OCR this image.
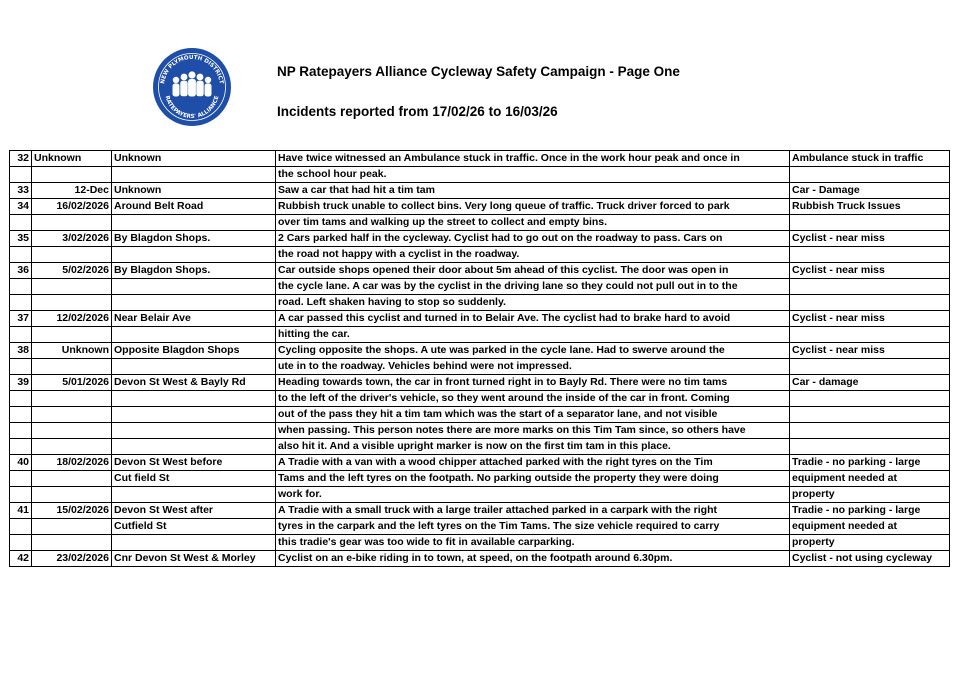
NEW PLYMOUTH DISTRICT
RATEPAYERS' ALLIANCE
NP Ratepayers Alliance Cycleway Safety Campaign - Page One
Incidents reported from 17/02/26 to 16/03/26
32	Unknown	Unknown	Have twice witnessed an Ambulance stuck in traffic. Once in the work hour peak and once in	Ambulance stuck in traffic
			the school hour peak.	
33	12-Dec	Unknown	Saw a car that had hit a tim tam	Car - Damage
34	16/02/2026	Around Belt Road	Rubbish truck unable to collect bins. Very long queue of traffic. Truck driver forced to park	Rubbish Truck Issues
			over tim tams and walking up the street to collect and empty bins.	
35	3/02/2026	By Blagdon Shops.	2 Cars parked half in the cycleway. Cyclist had to go out on the roadway to pass. Cars on	Cyclist - near miss
			the road not happy with a cyclist in the roadway.	
36	5/02/2026	By Blagdon Shops.	Car outside shops opened their door about 5m ahead of this cyclist. The door was open in	Cyclist - near miss
			the cycle lane. A car was by the cyclist in the driving lane so they could not pull out in to the	
			road. Left shaken having to stop so suddenly.	
37	12/02/2026	Near Belair Ave	A car passed this cyclist and turned in to Belair Ave. The cyclist had to brake hard to avoid	Cyclist - near miss
			hitting the car.	
38	Unknown	Opposite Blagdon Shops	Cycling opposite the shops. A ute was parked in the cycle lane. Had to swerve around the	Cyclist - near miss
			ute in to the roadway. Vehicles behind were not impressed.	
39	5/01/2026	Devon St West & Bayly Rd	Heading towards town, the car in front turned right in to Bayly Rd. There were no tim tams	Car - damage
			to the left of the driver's vehicle, so they went around the inside of the car in front. Coming	
			out of the pass they hit a tim tam which was the start of a separator lane, and not visible	
			when passing. This person notes there are more marks on this Tim Tam since, so others have	
			also hit it. And a visible upright marker is now on the first tim tam in this place.	
40	18/02/2026	Devon St West before	A Tradie with a van with a wood chipper attached parked with the right tyres on the Tim	Tradie - no parking - large
		Cut field St	Tams and the left tyres on the footpath. No parking outside the property they were doing	equipment needed at
			work for.	property
41	15/02/2026	Devon St West after	A Tradie with a small truck with a large trailer attached parked in a carpark with the right	Tradie - no parking - large
		Cutfield St	tyres in the carpark and the left tyres on the Tim Tams. The size vehicle required to carry	equipment needed at
			this tradie's gear was too wide to fit in available carparking.	property
42	23/02/2026	Cnr Devon St West & Morley	Cyclist on an e-bike riding in to town, at speed, on the footpath around 6.30pm.	Cyclist - not using cycleway
